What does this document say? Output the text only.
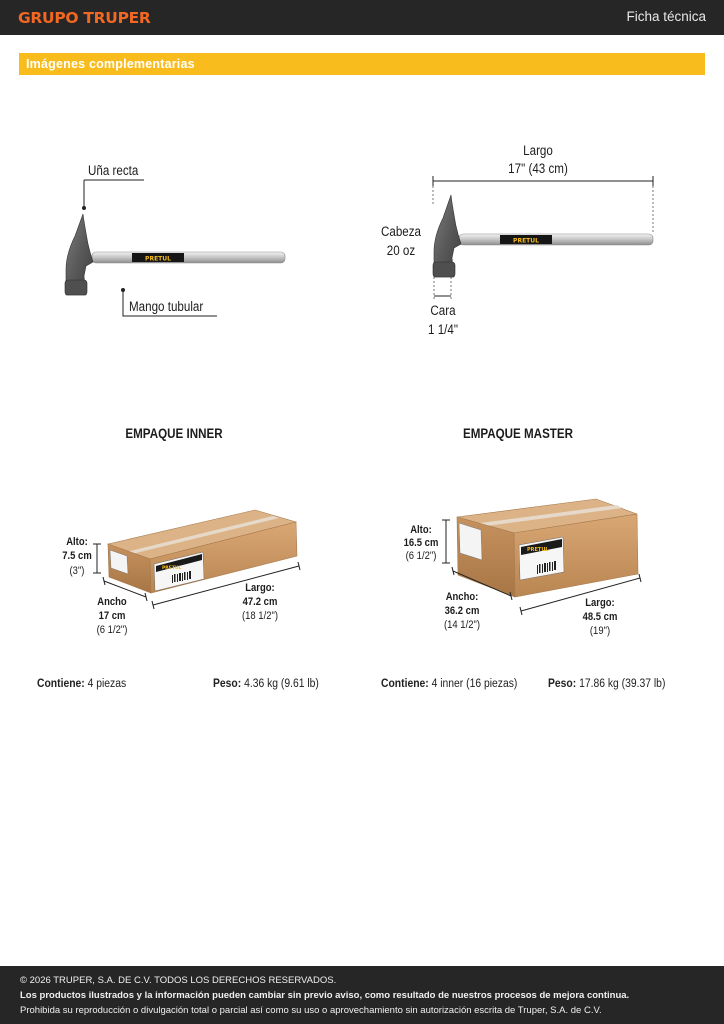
GRUPO TRUPER	Ficha técnica
Imágenes complementarias
PRETUL
Uña recta
Mango tubular
PRETUL
Largo
17" (43 cm)
Cabeza
20 oz
Cara
1 1/4"
EMPAQUE INNER	EMPAQUE MASTER
PRETUL
Alto:
7.5 cm
(3")
Ancho
17 cm
(6 1/2")
Largo:
47.2 cm
(18 1/2")
PRETUL
Alto:
16.5 cm
(6 1/2")
Ancho:
36.2 cm
(14 1/2")
Largo:
48.5 cm
(19")
Contiene: 4 piezas	Peso: 4.36 kg (9.61 lb)	Contiene: 4 inner (16 piezas)	Peso: 17.86 kg (39.37 lb)
© 2026 TRUPER, S.A. DE C.V. TODOS LOS DERECHOS RESERVADOS.
Los productos ilustrados y la información pueden cambiar sin previo aviso, como resultado de nuestros procesos de mejora continua.
Prohibida su reproducción o divulgación total o parcial así como su uso o aprovechamiento sin autorización escrita de Truper, S.A. de C.V.
